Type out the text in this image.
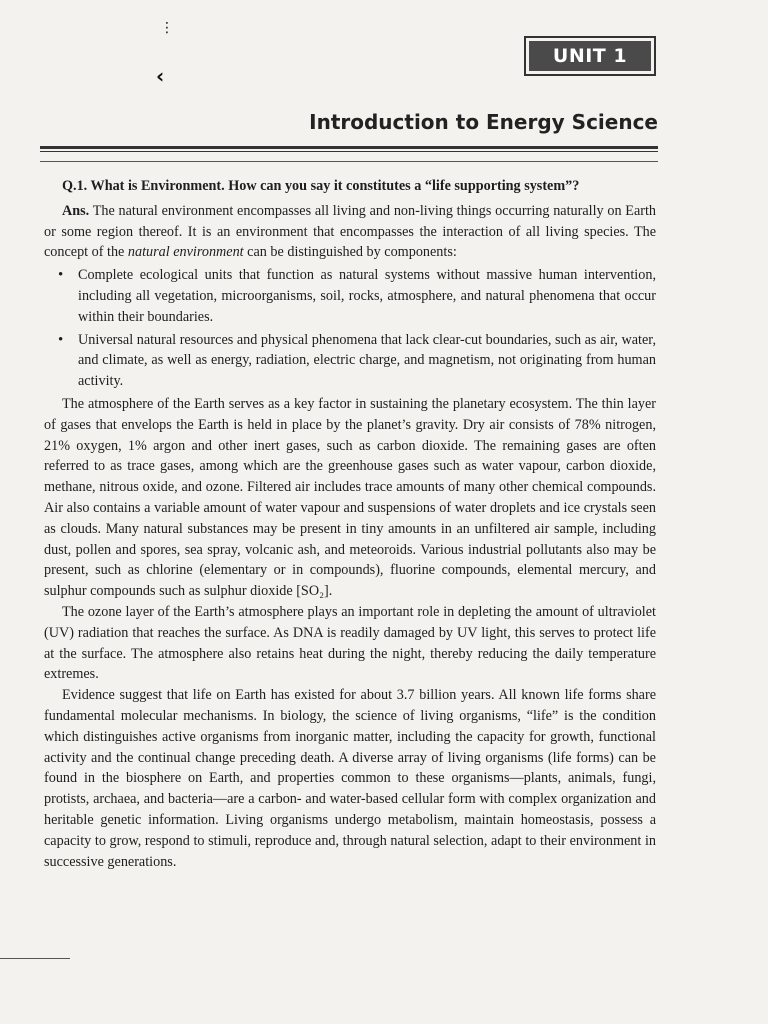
⋮
‹
UNIT 1
Introduction to Energy Science

Q.1. What is Environment. How can you say it constitutes a “life supporting system”?

Ans. The natural environment encompasses all living and non-living things occurring naturally on Earth or some region thereof. It is an environment that encompasses the interaction of all living species. The concept of the natural environment can be distinguished by components:

• Complete ecological units that function as natural systems without massive human intervention, including all vegetation, microorganisms, soil, rocks, atmosphere, and natural phenomena that occur within their boundaries.
• Universal natural resources and physical phenomena that lack clear-cut boundaries, such as air, water, and climate, as well as energy, radiation, electric charge, and magnetism, not originating from human activity.

The atmosphere of the Earth serves as a key factor in sustaining the planetary ecosystem. The thin layer of gases that envelops the Earth is held in place by the planet’s gravity. Dry air consists of 78% nitrogen, 21% oxygen, 1% argon and other inert gases, such as carbon dioxide. The remaining gases are often referred to as trace gases, among which are the greenhouse gases such as water vapour, carbon dioxide, methane, nitrous oxide, and ozone. Filtered air includes trace amounts of many other chemical compounds. Air also contains a variable amount of water vapour and suspensions of water droplets and ice crystals seen as clouds. Many natural substances may be present in tiny amounts in an unfiltered air sample, including dust, pollen and spores, sea spray, volcanic ash, and meteoroids. Various industrial pollutants also may be present, such as chlorine (elementary or in compounds), fluorine compounds, elemental mercury, and sulphur compounds such as sulphur dioxide [SO₂].

The ozone layer of the Earth’s atmosphere plays an important role in depleting the amount of ultraviolet (UV) radiation that reaches the surface. As DNA is readily damaged by UV light, this serves to protect life at the surface. The atmosphere also retains heat during the night, thereby reducing the daily temperature extremes.

Evidence suggest that life on Earth has existed for about 3.7 billion years. All known life forms share fundamental molecular mechanisms. In biology, the science of living organisms, “life” is the condition which distinguishes active organisms from inorganic matter, including the capacity for growth, functional activity and the continual change preceding death. A diverse array of living organisms (life forms) can be found in the biosphere on Earth, and properties common to these organisms—plants, animals, fungi, protists, archaea, and bacteria—are a carbon- and water-based cellular form with complex organization and heritable genetic information. Living organisms undergo metabolism, maintain homeostasis, possess a capacity to grow, respond to stimuli, reproduce and, through natural selection, adapt to their environment in successive generations.
